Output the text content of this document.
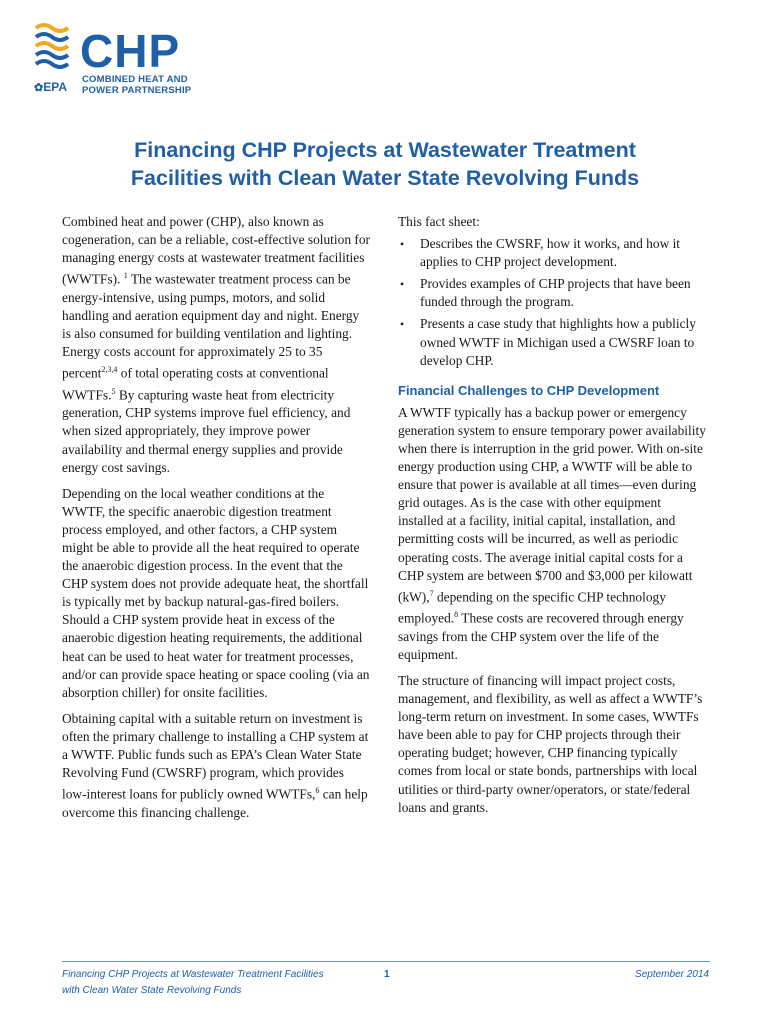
CHP
✿EPA
COMBINED HEAT AND
POWER PARTNERSHIP
Financing CHP Projects at Wastewater Treatment
Facilities with Clean Water State Revolving Funds

Combined heat and power (CHP), also known as cogeneration, can be a reliable, cost-effective solution for managing energy costs at wastewater treatment facilities (WWTFs). $^1$ The wastewater treatment process can be energy-intensive, using pumps, motors, and solid handling and aeration equipment day and night. Energy is also consumed for building ventilation and lighting. Energy costs account for approximately 25 to 35 percent$^{2,3,4}$ of total operating costs at conventional WWTFs.$^5$ By capturing waste heat from electricity generation, CHP systems improve fuel efficiency, and when sized appropriately, they improve power availability and thermal energy supplies and provide energy cost savings.

Depending on the local weather conditions at the WWTF, the specific anaerobic digestion treatment process employed, and other factors, a CHP system might be able to provide all the heat required to operate the anaerobic digestion process. In the event that the CHP system does not provide adequate heat, the shortfall is typically met by backup natural-gas-fired boilers. Should a CHP system provide heat in excess of the anaerobic digestion heating requirements, the additional heat can be used to heat water for treatment processes, and/or can provide space heating or space cooling (via an absorption chiller) for onsite facilities.

Obtaining capital with a suitable return on investment is often the primary challenge to installing a CHP system at a WWTF. Public funds such as EPA’s Clean Water State Revolving Fund (CWSRF) program, which provides low-interest loans for publicly owned WWTFs,$^6$ can help overcome this financing challenge.

This fact sheet:

• Describes the CWSRF, how it works, and how it applies to CHP project development.
• Provides examples of CHP projects that have been funded through the program.
• Presents a case study that highlights how a publicly owned WWTF in Michigan used a CWSRF loan to develop CHP.
Financial Challenges to CHP Development

A WWTF typically has a backup power or emergency generation system to ensure temporary power availability when there is interruption in the grid power. With on-site energy production using CHP, a WWTF will be able to ensure that power is available at all times—even during grid outages. As is the case with other equipment installed at a facility, initial capital, installation, and permitting costs will be incurred, as well as periodic operating costs. The average initial capital costs for a CHP system are between $700 and $3,000 per kilowatt (kW),$^7$ depending on the specific CHP technology employed.$^8$ These costs are recovered through energy savings from the CHP system over the life of the equipment.

The structure of financing will impact project costs, management, and flexibility, as well as affect a WWTF’s long-term return on investment. In some cases, WWTFs have been able to pay for CHP projects through their operating budget; however, CHP financing typically comes from local or state bonds, partnerships with local utilities or third-party owner/operators, or state/federal loans and grants.

Financing CHP Projects at Wastewater Treatment Facilities
with Clean Water State Revolving Funds
1	September 2014
